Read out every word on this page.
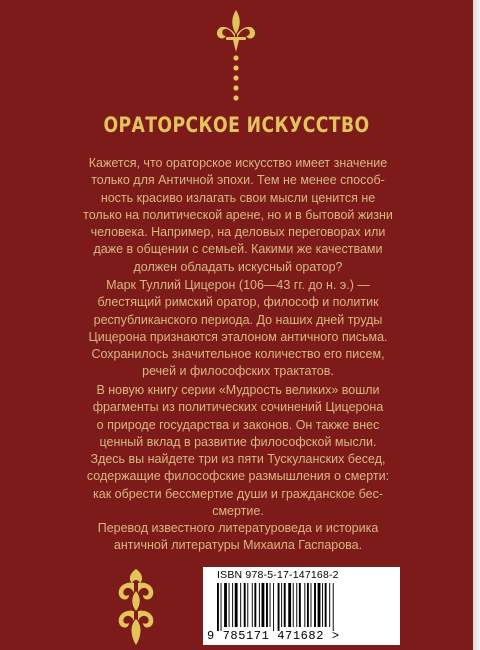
ОРАТОРСКОЕ ИСКУССТВО
Кажется, что ораторское искусство имеет значение
только для Античной эпохи. Тем не менее способ-
ность красиво излагать свои мысли ценится не
только на политической арене, но и в бытовой жизни
человека. Например, на деловых переговорах или
даже в общении с семьей. Какими же качествами
должен обладать искусный оратор?
Марк Туллий Цицерон (106—43 гг. до н. э.) —
блестящий римский оратор, философ и политик
республиканского периода. До наших дней труды
Цицерона признаются эталоном античного письма.
Сохранилось значительное количество его писем,
речей и философских трактатов.
В новую книгу серии «Мудрость великих» вошли
фрагменты из политических сочинений Цицерона
о природе государства и законов. Он также внес
ценный вклад в развитие философской мысли.
Здесь вы найдете три из пяти Тускуланских бесед,
содержащие философские размышления о смерти:
как обрести бессмертие души и гражданское бес-
смертие.
Перевод известного литературоведа и историка
античной литературы Михаила Гаспарова.
ISBN 978-5-17-147168-2
9 785171 471682 >
